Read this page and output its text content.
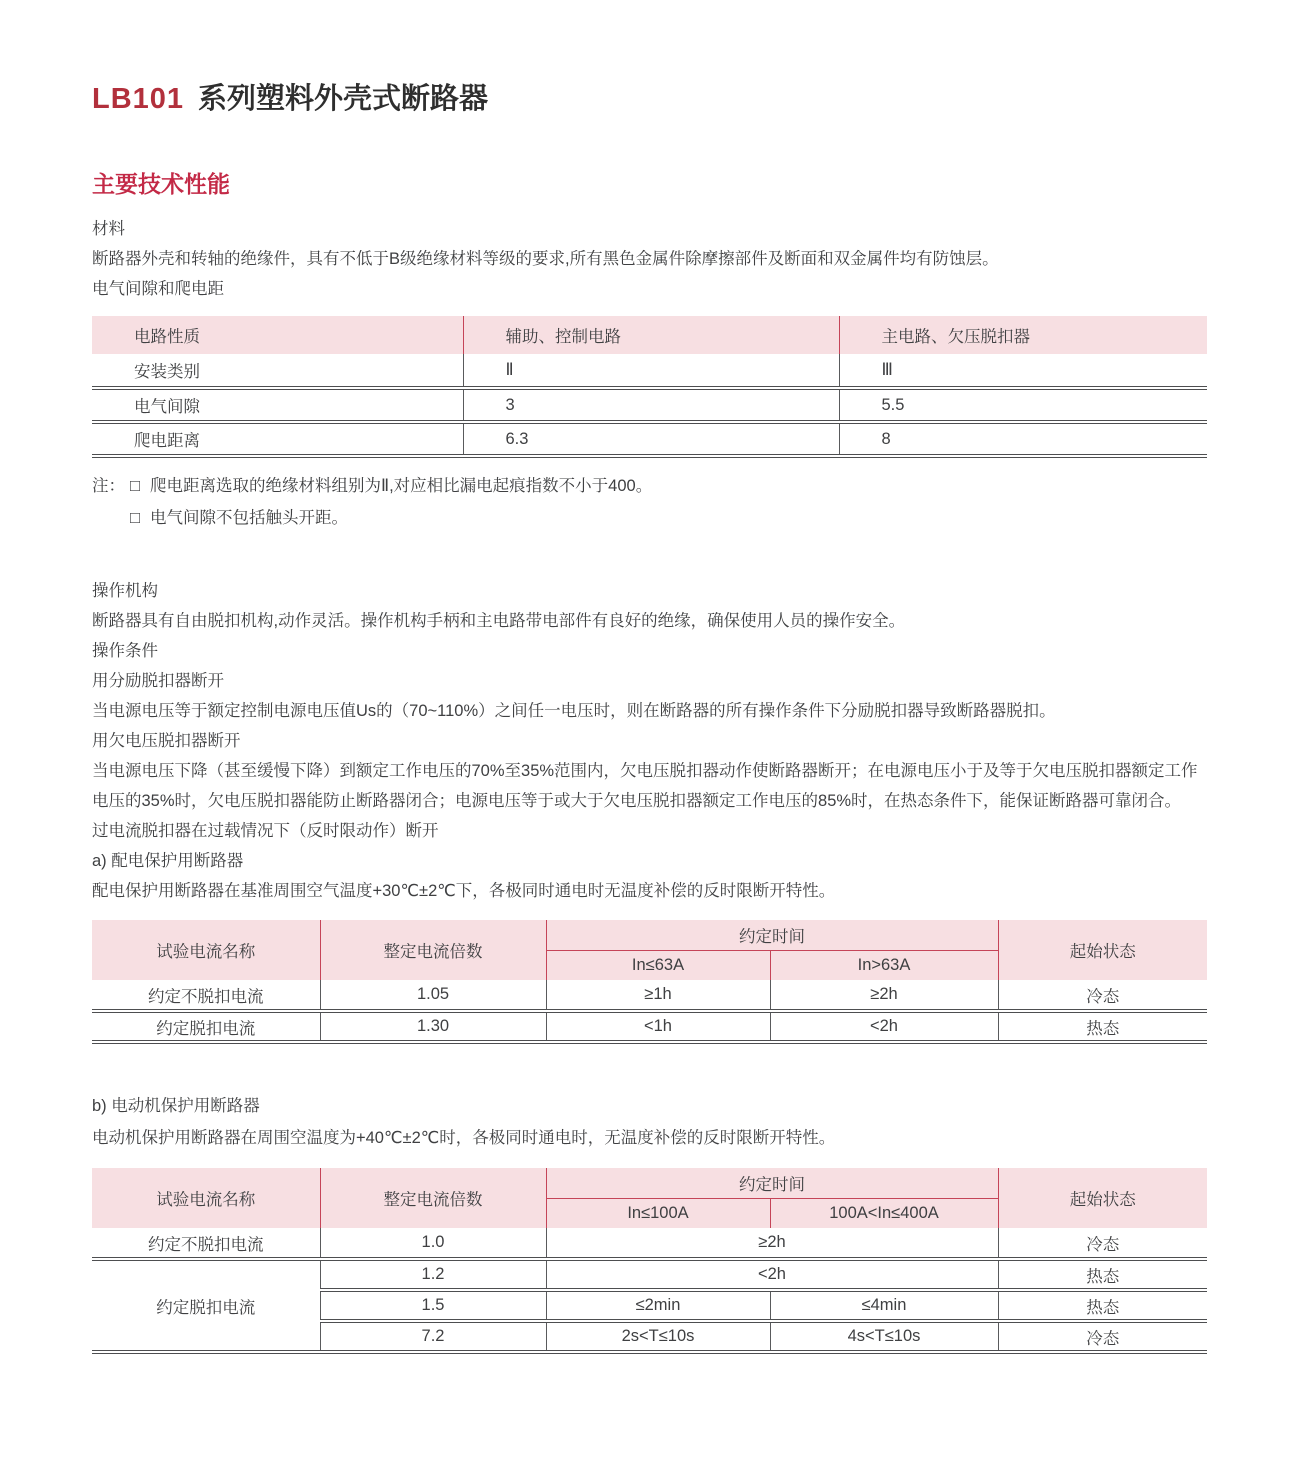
LB101 系列塑料外壳式断路器
主要技术性能

材料

断路器外壳和转轴的绝缘件，具有不低于B级绝缘材料等级的要求,所有黑色金属件除摩擦部件及断面和双金属件均有防蚀层。

电气间隙和爬电距

电路性质	辅助、控制电路	主电路、欠压脱扣器
安装类别	Ⅱ	Ⅲ
电气间隙	3	5.5
爬电距离	6.3	8
注： □ 爬电距离选取的绝缘材料组别为Ⅱ,对应相比漏电起痕指数不小于400。
□ 电气间隙不包括触头开距。

操作机构

断路器具有自由脱扣机构,动作灵活。操作机构手柄和主电路带电部件有良好的绝缘，确保使用人员的操作安全。

操作条件

用分励脱扣器断开

当电源电压等于额定控制电源电压值Us的（70~110%）之间任一电压时，则在断路器的所有操作条件下分励脱扣器导致断路器脱扣。

用欠电压脱扣器断开

当电源电压下降（甚至缓慢下降）到额定工作电压的70%至35%范围内，欠电压脱扣器动作使断路器断开；在电源电压小于及等于欠电压脱扣器额定工作电压的35%时，欠电压脱扣器能防止断路器闭合；电源电压等于或大于欠电压脱扣器额定工作电压的85%时，在热态条件下，能保证断路器可靠闭合。

过电流脱扣器在过载情况下（反时限动作）断开

a) 配电保护用断路器

配电保护用断路器在基准周围空气温度+30℃±2℃下，各极同时通电时无温度补偿的反时限断开特性。

试验电流名称	整定电流倍数	约定时间		起始状态
		In≤63A	In>63A	
约定不脱扣电流	1.05	≥1h	≥2h	冷态
约定脱扣电流	1.30	<1h	<2h	热态

b) 电动机保护用断路器

电动机保护用断路器在周围空温度为+40℃±2℃时，各极同时通电时，无温度补偿的反时限断开特性。

试验电流名称	整定电流倍数	约定时间		起始状态
		In≤100A	100A<In≤400A	
约定不脱扣电流	1.0	≥2h		冷态
约定脱扣电流	1.2	<2h		热态
	1.5	≤2min	≤4min	热态
	7.2	2s<T≤10s	4s<T≤10s	冷态
